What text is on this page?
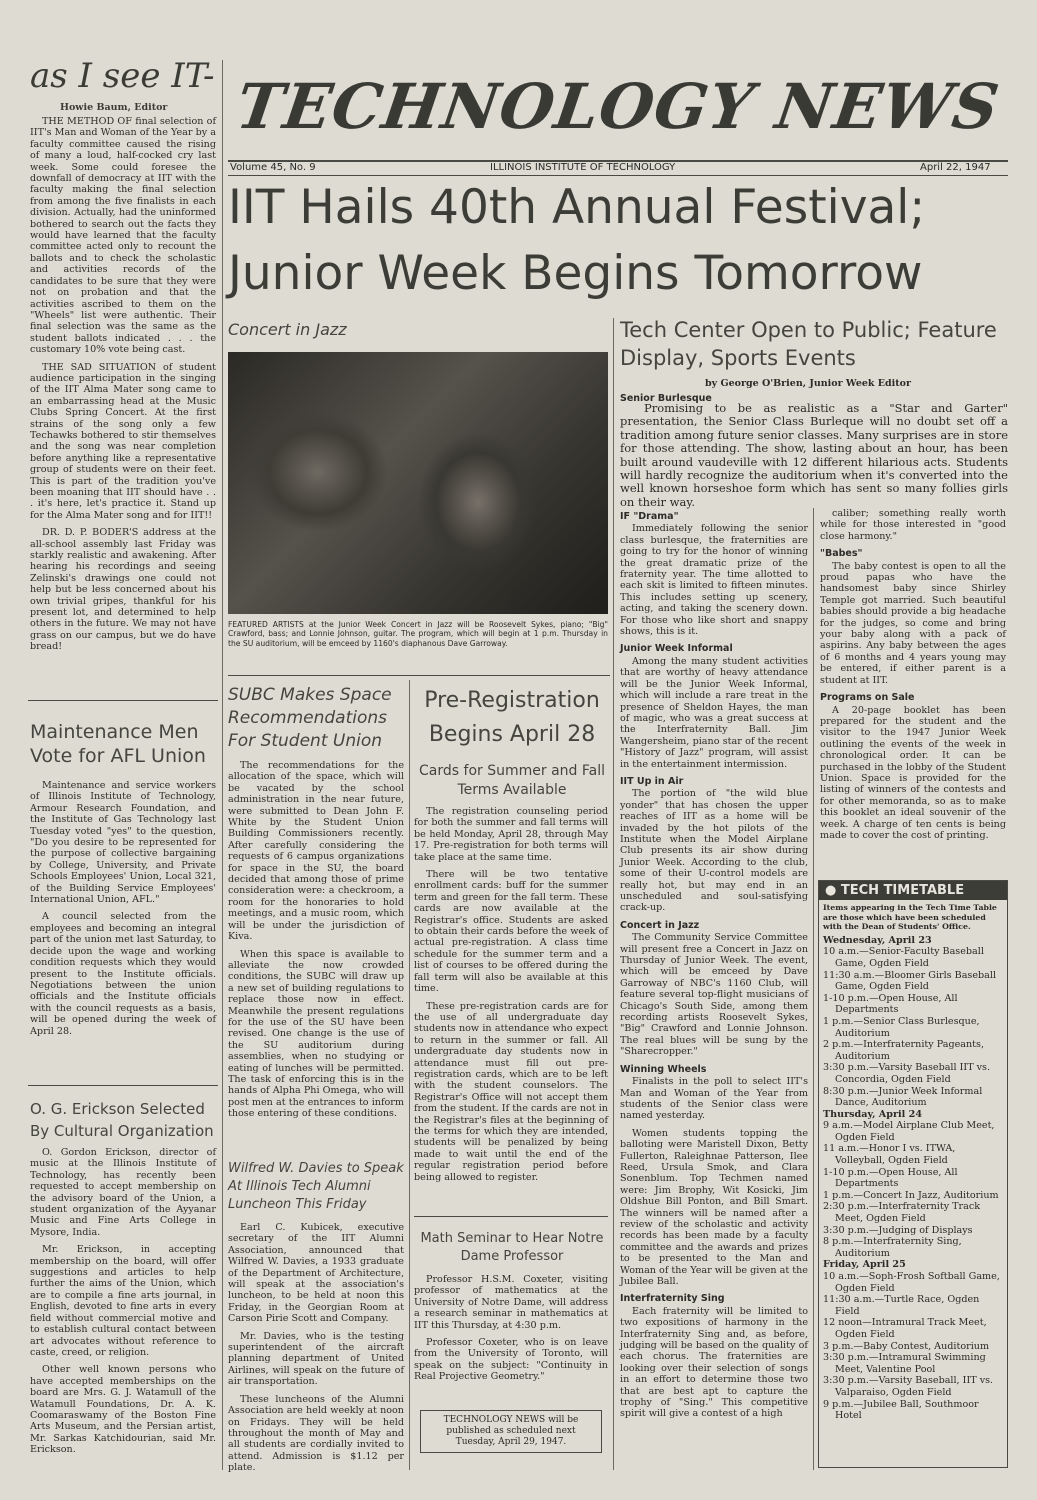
as I see IT-
Howie Baum, Editor

THE METHOD OF final selection of IIT's Man and Woman of the Year by a faculty committee caused the rising of many a loud, half-cocked cry last week. Some could foresee the downfall of democracy at IIT with the faculty making the final selection from among the five finalists in each division. Actually, had the uninformed bothered to search out the facts they would have learned that the faculty committee acted only to recount the ballots and to check the scholastic and activities records of the candidates to be sure that they were not on probation and that the activities ascribed to them on the "Wheels" list were authentic. Their final selection was the same as the student ballots indicated . . . the customary 10% vote being cast.

THE SAD SITUATION of student audience participation in the singing of the IIT Alma Mater song came to an embarrassing head at the Music Clubs Spring Concert. At the first strains of the song only a few Techawks bothered to stir themselves and the song was near completion before anything like a representative group of students were on their feet. This is part of the tradition you've been moaning that IIT should have . . . it's here, let's practice it. Stand up for the Alma Mater song and for IIT!!

DR. D. P. BODER'S address at the all-school assembly last Friday was starkly realistic and awakening. After hearing his recordings and seeing Zelinski's drawings one could not help but be less concerned about his own trivial gripes, thankful for his present lot, and determined to help others in the future. We may not have grass on our campus, but we do have bread!

Maintenance Men Vote for AFL Union

Maintenance and service workers of Illinois Institute of Technology, Armour Research Foundation, and the Institute of Gas Technology last Tuesday voted "yes" to the question, "Do you desire to be represented for the purpose of collective bargaining by College, University, and Private Schools Employees' Union, Local 321, of the Building Service Employees' International Union, AFL."

A council selected from the employees and becoming an integral part of the union met last Saturday, to decide upon the wage and working condition requests which they would present to the Institute officials. Negotiations between the union officials and the Institute officials with the council requests as a basis, will be opened during the week of April 28.

O. G. Erickson Selected By Cultural Organization

O. Gordon Erickson, director of music at the Illinois Institute of Technology, has recently been requested to accept membership on the advisory board of the Union, a student organization of the Ayyanar Music and Fine Arts College in Mysore, India.

Mr. Erickson, in accepting membership on the board, will offer suggestions and articles to help further the aims of the Union, which are to compile a fine arts journal, in English, devoted to fine arts in every field without commercial motive and to establish cultural contact between art advocates without reference to caste, creed, or religion.

Other well known persons who have accepted memberships on the board are Mrs. G. J. Watamull of the Watamull Foundations, Dr. A. K. Coomaraswamy of the Boston Fine Arts Museum, and the Persian artist, Mr. Sarkas Katchidourian, said Mr. Erickson.

TECHNOLOGY NEWS
Volume 45, No. 9	ILLINOIS INSTITUTE OF TECHNOLOGY	April 22, 1947
IIT Hails 40th Annual Festival;
Junior Week Begins Tomorrow
Concert in Jazz
FEATURED ARTISTS at the Junior Week Concert in Jazz will be Roosevelt Sykes, piano; "Big" Crawford, bass; and Lonnie Johnson, guitar. The program, which will begin at 1 p.m. Thursday in the SU auditorium, will be emceed by 1160's diaphanous Dave Garroway.
SUBC Makes Space Recommendations For Student Union

The recommendations for the allocation of the space, which will be vacated by the school administration in the near future, were submitted to Dean John F. White by the Student Union Building Commissioners recently. After carefully considering the requests of 6 campus organizations for space in the SU, the board decided that among those of prime consideration were: a checkroom, a room for the honoraries to hold meetings, and a music room, which will be under the jurisdiction of Kiva.

When this space is available to alleviate the now crowded conditions, the SUBC will draw up a new set of building regulations to replace those now in effect. Meanwhile the present regulations for the use of the SU have been revised. One change is the use of the SU auditorium during assemblies, when no studying or eating of lunches will be permitted. The task of enforcing this is in the hands of Alpha Phi Omega, who will post men at the entrances to inform those entering of these conditions.

Wilfred W. Davies to Speak At Illinois Tech Alumni Luncheon This Friday

Earl C. Kubicek, executive secretary of the IIT Alumni Association, announced that Wilfred W. Davies, a 1933 graduate of the Department of Architecture, will speak at the association's luncheon, to be held at noon this Friday, in the Georgian Room at Carson Pirie Scott and Company.

Mr. Davies, who is the testing superintendent of the aircraft planning department of United Airlines, will speak on the future of air transportation.

These luncheons of the Alumni Association are held weekly at noon on Fridays. They will be held throughout the month of May and all students are cordially invited to attend. Admission is $1.12 per plate.

Pre-Registration Begins April 28
Cards for Summer and Fall Terms Available

The registration counseling period for both the summer and fall terms will be held Monday, April 28, through May 17. Pre-registration for both terms will take place at the same time.

There will be two tentative enrollment cards: buff for the summer term and green for the fall term. These cards are now available at the Registrar's office. Students are asked to obtain their cards before the week of actual pre-registration. A class time schedule for the summer term and a list of courses to be offered during the fall term will also be available at this time.

These pre-registration cards are for the use of all undergraduate day students now in attendance who expect to return in the summer or fall. All undergraduate day students now in attendance must fill out pre-registration cards, which are to be left with the student counselors. The Registrar's Office will not accept them from the student. If the cards are not in the Registrar's files at the beginning of the terms for which they are intended, students will be penalized by being made to wait until the end of the regular registration period before being allowed to register.

Math Seminar to Hear Notre Dame Professor

Professor H.S.M. Coxeter, visiting professor of mathematics at the University of Notre Dame, will address a research seminar in mathematics at IIT this Thursday, at 4:30 p.m.

Professor Coxeter, who is on leave from the University of Toronto, will speak on the subject: "Continuity in Real Projective Geometry."

TECHNOLOGY NEWS will be published as scheduled next Tuesday, April 29, 1947.
Tech Center Open to Public; Feature Display, Sports Events
by George O'Brien, Junior Week Editor
Senior Burlesque
Promising to be as realistic as a "Star and Garter" presentation, the Senior Class Burleque will no doubt set off a tradition among future senior classes. Many surprises are in store for those attending. The show, lasting about an hour, has been built around vaudeville with 12 different hilarious acts. Students will hardly recognize the auditorium when it's converted into the well known horseshoe form which has sent so many follies girls on their way.
IF "Drama"

Immediately following the senior class burlesque, the fraternities are going to try for the honor of winning the great dramatic prize of the fraternity year. The time allotted to each skit is limited to fifteen minutes. This includes setting up scenery, acting, and taking the scenery down. For those who like short and snappy shows, this is it.

Junior Week Informal

Among the many student activities that are worthy of heavy attendance will be the Junior Week Informal, which will include a rare treat in the presence of Sheldon Hayes, the man of magic, who was a great success at the Interfraternity Ball. Jim Wangersheim, piano star of the recent "History of Jazz" program, will assist in the entertainment intermission.

IIT Up in Air

The portion of "the wild blue yonder" that has chosen the upper reaches of IIT as a home will be invaded by the hot pilots of the Institute when the Model Airplane Club presents its air show during Junior Week. According to the club, some of their U-control models are really hot, but may end in an unscheduled and soul-satisfying crack-up.

Concert in Jazz

The Community Service Committee will present free a Concert in Jazz on Thursday of Junior Week. The event, which will be emceed by Dave Garroway of NBC's 1160 Club, will feature several top-flight musicians of Chicago's South Side, among them recording artists Roosevelt Sykes, "Big" Crawford and Lonnie Johnson. The real blues will be sung by the "Sharecropper."

Winning Wheels

Finalists in the poll to select IIT's Man and Woman of the Year from students of the Senior class were named yesterday.

Women students topping the balloting were Maristell Dixon, Betty Fullerton, Raleighnae Patterson, Ilee Reed, Ursula Smok, and Clara Sonenblum. Top Techmen named were: Jim Brophy, Wit Kosicki, Jim Oldshue Bill Ponton, and Bill Smart. The winners will be named after a review of the scholastic and activity records has been made by a faculty committee and the awards and prizes to be presented to the Man and Woman of the Year will be given at the Jubilee Ball.

Interfraternity Sing

Each fraternity will be limited to two expositions of harmony in the Interfraternity Sing and, as before, judging will be based on the quality of each chorus. The fraternities are looking over their selection of songs in an effort to determine those two that are best apt to capture the trophy of "Sing." This competitive spirit will give a contest of a high

caliber; something really worth while for those interested in "good close harmony."

"Babes"

The baby contest is open to all the proud papas who have the handsomest baby since Shirley Temple got married. Such beautiful babies should provide a big headache for the judges, so come and bring your baby along with a pack of aspirins. Any baby between the ages of 6 months and 4 years young may be entered, if either parent is a student at IIT.

Programs on Sale

A 20-page booklet has been prepared for the student and the visitor to the 1947 Junior Week outlining the events of the week in chronological order. It can be purchased in the lobby of the Student Union. Space is provided for the listing of winners of the contests and for other memoranda, so as to make this booklet an ideal souvenir of the week. A charge of ten cents is being made to cover the cost of printing.

● TECH TIMETABLE
Items appearing in the Tech Time Table are those which have been scheduled with the Dean of Students' Office.

Wednesday, April 23

10 a.m.—Senior-Faculty Baseball Game, Ogden Field

11:30 a.m.—Bloomer Girls Baseball Game, Ogden Field

1-10 p.m.—Open House, All Departments

1 p.m.—Senior Class Burlesque, Auditorium

2 p.m.—Interfraternity Pageants, Auditorium

3:30 p.m.—Varsity Baseball IIT vs. Concordia, Ogden Field

8:30 p.m.—Junior Week Informal Dance, Auditorium

Thursday, April 24

9 a.m.—Model Airplane Club Meet, Ogden Field

11 a.m.—Honor I vs. ITWA, Volleyball, Ogden Field

1-10 p.m.—Open House, All Departments

1 p.m.—Concert In Jazz, Auditorium

2:30 p.m.—Interfraternity Track Meet, Ogden Field

3:30 p.m.—Judging of Displays

8 p.m.—Interfraternity Sing, Auditorium

Friday, April 25

10 a.m.—Soph-Frosh Softball Game, Ogden Field

11:30 a.m.—Turtle Race, Ogden Field

12 noon—Intramural Track Meet, Ogden Field

3 p.m.—Baby Contest, Auditorium

3:30 p.m.—Intramural Swimming Meet, Valentine Pool

3:30 p.m.—Varsity Baseball, IIT vs. Valparaiso, Ogden Field

9 p.m.—Jubilee Ball, Southmoor Hotel
